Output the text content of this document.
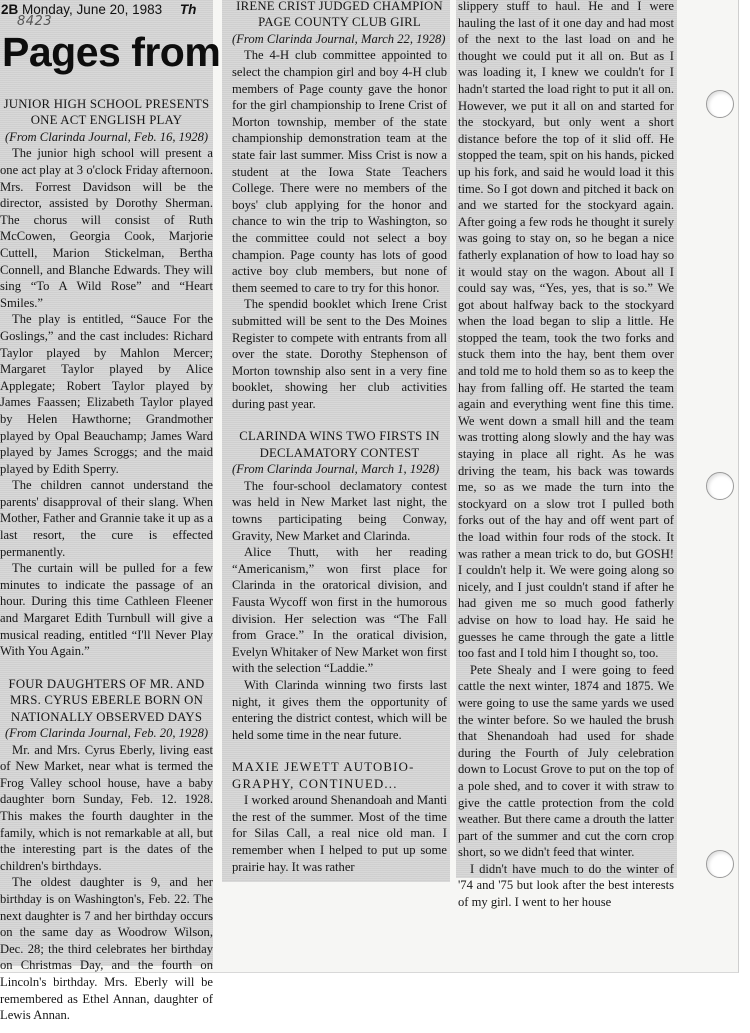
2B Monday, June 20, 1983 Th
8423
Pages from
JUNIOR HIGH SCHOOL PRESENTS ONE ACT ENGLISH PLAY

(From Clarinda Journal, Feb. 16, 1928)

The junior high school will present a one act play at 3 o'clock Friday afternoon. Mrs. Forrest Davidson will be the director, assisted by Dorothy Sherman. The chorus will consist of Ruth McCowen, Georgia Cook, Marjorie Cuttell, Marion Stickelman, Bertha Connell, and Blanche Edwards. They will sing “To A Wild Rose” and “Heart Smiles.”

The play is entitled, “Sauce For the Goslings,” and the cast includes: Richard Taylor played by Mahlon Mercer; Margaret Taylor played by Alice Applegate; Robert Taylor played by James Faassen; Elizabeth Taylor played by Helen Hawthorne; Grandmother played by Opal Beauchamp; James Ward played by James Scroggs; and the maid played by Edith Sperry.

The children cannot understand the parents' disapproval of their slang. When Mother, Father and Grannie take it up as a last resort, the cure is effected permanently.

The curtain will be pulled for a few minutes to indicate the passage of an hour. During this time Cathleen Fleener and Margaret Edith Turnbull will give a musical reading, entitled “I'll Never Play With You Again.”

FOUR DAUGHTERS OF MR. AND MRS. CYRUS EBERLE BORN ON NATIONALLY OBSERVED DAYS

(From Clarinda Journal, Feb. 20, 1928)

Mr. and Mrs. Cyrus Eberly, living east of New Market, near what is termed the Frog Valley school house, have a baby daughter born Sunday, Feb. 12. 1928. This makes the fourth daughter in the family, which is not remarkable at all, but the interesting part is the dates of the children's birthdays.

The oldest daughter is 9, and her birthday is on Washington's, Feb. 22. The next daughter is 7 and her birthday occurs on the same day as Woodrow Wilson, Dec. 28; the third celebrates her birthday on Christmas Day, and the fourth on Lincoln's birthday. Mrs. Eberly will be remembered as Ethel Annan, daughter of Lewis Annan.

IRENE CRIST JUDGED CHAMPION PAGE COUNTY CLUB GIRL

(From Clarinda Journal, March 22, 1928)

The 4-H club committee appointed to select the champion girl and boy 4-H club members of Page county gave the honor for the girl championship to Irene Crist of Morton township, member of the state championship demonstration team at the state fair last summer. Miss Crist is now a student at the Iowa State Teachers College. There were no members of the boys' club applying for the honor and chance to win the trip to Washington, so the committee could not select a boy champion. Page county has lots of good active boy club members, but none of them seemed to care to try for this honor.

The spendid booklet which Irene Crist submitted will be sent to the Des Moines Register to compete with entrants from all over the state. Dorothy Stephenson of Morton township also sent in a very fine booklet, showing her club activities during past year.

CLARINDA WINS TWO FIRSTS IN DECLAMATORY CONTEST

(From Clarinda Journal, March 1, 1928)

The four-school declamatory contest was held in New Market last night, the towns participating being Conway, Gravity, New Market and Clarinda.

Alice Thutt, with her reading “Americanism,” won first place for Clarinda in the oratorical division, and Fausta Wycoff won first in the humorous division. Her selection was “The Fall from Grace.” In the oratical division, Evelyn Whitaker of New Market won first with the selection “Laddie.”

With Clarinda winning two firsts last night, it gives them the opportunity of entering the district contest, which will be held some time in the near future.

MAXIE JEWETT AUTOBIO-GRAPHY, CONTINUED...

I worked around Shenandoah and Manti the rest of the summer. Most of the time for Silas Call, a real nice old man. I remember when I helped to put up some prairie hay. It was rather

slippery stuff to haul. He and I were hauling the last of it one day and had most of the next to the last load on and he thought we could put it all on. But as I was loading it, I knew we couldn't for I hadn't started the load right to put it all on. However, we put it all on and started for the stockyard, but only went a short distance before the top of it slid off. He stopped the team, spit on his hands, picked up his fork, and said he would load it this time. So I got down and pitched it back on and we started for the stockyard again. After going a few rods he thought it surely was going to stay on, so he began a nice fatherly explanation of how to load hay so it would stay on the wagon. About all I could say was, “Yes, yes, that is so.” We got about halfway back to the stockyard when the load began to slip a little. He stopped the team, took the two forks and stuck them into the hay, bent them over and told me to hold them so as to keep the hay from falling off. He started the team again and everything went fine this time. We went down a small hill and the team was trotting along slowly and the hay was staying in place all right. As he was driving the team, his back was towards me, so as we made the turn into the stockyard on a slow trot I pulled both forks out of the hay and off went part of the load within four rods of the stock. It was rather a mean trick to do, but GOSH! I couldn't help it. We were going along so nicely, and I just couldn't stand if after he had given me so much good fatherly advise on how to load hay. He said he guesses he came through the gate a little too fast and I told him I thought so, too.

Pete Shealy and I were going to feed cattle the next winter, 1874 and 1875. We were going to use the same yards we used the winter before. So we hauled the brush that Shenandoah had used for shade during the Fourth of July celebration down to Locust Grove to put on the top of a pole shed, and to cover it with straw to give the cattle protection from the cold weather. But there came a drouth the latter part of the summer and cut the corn crop short, so we didn't feed that winter.

I didn't have much to do the winter of '74 and '75 but look after the best interests of my girl. I went to her house
